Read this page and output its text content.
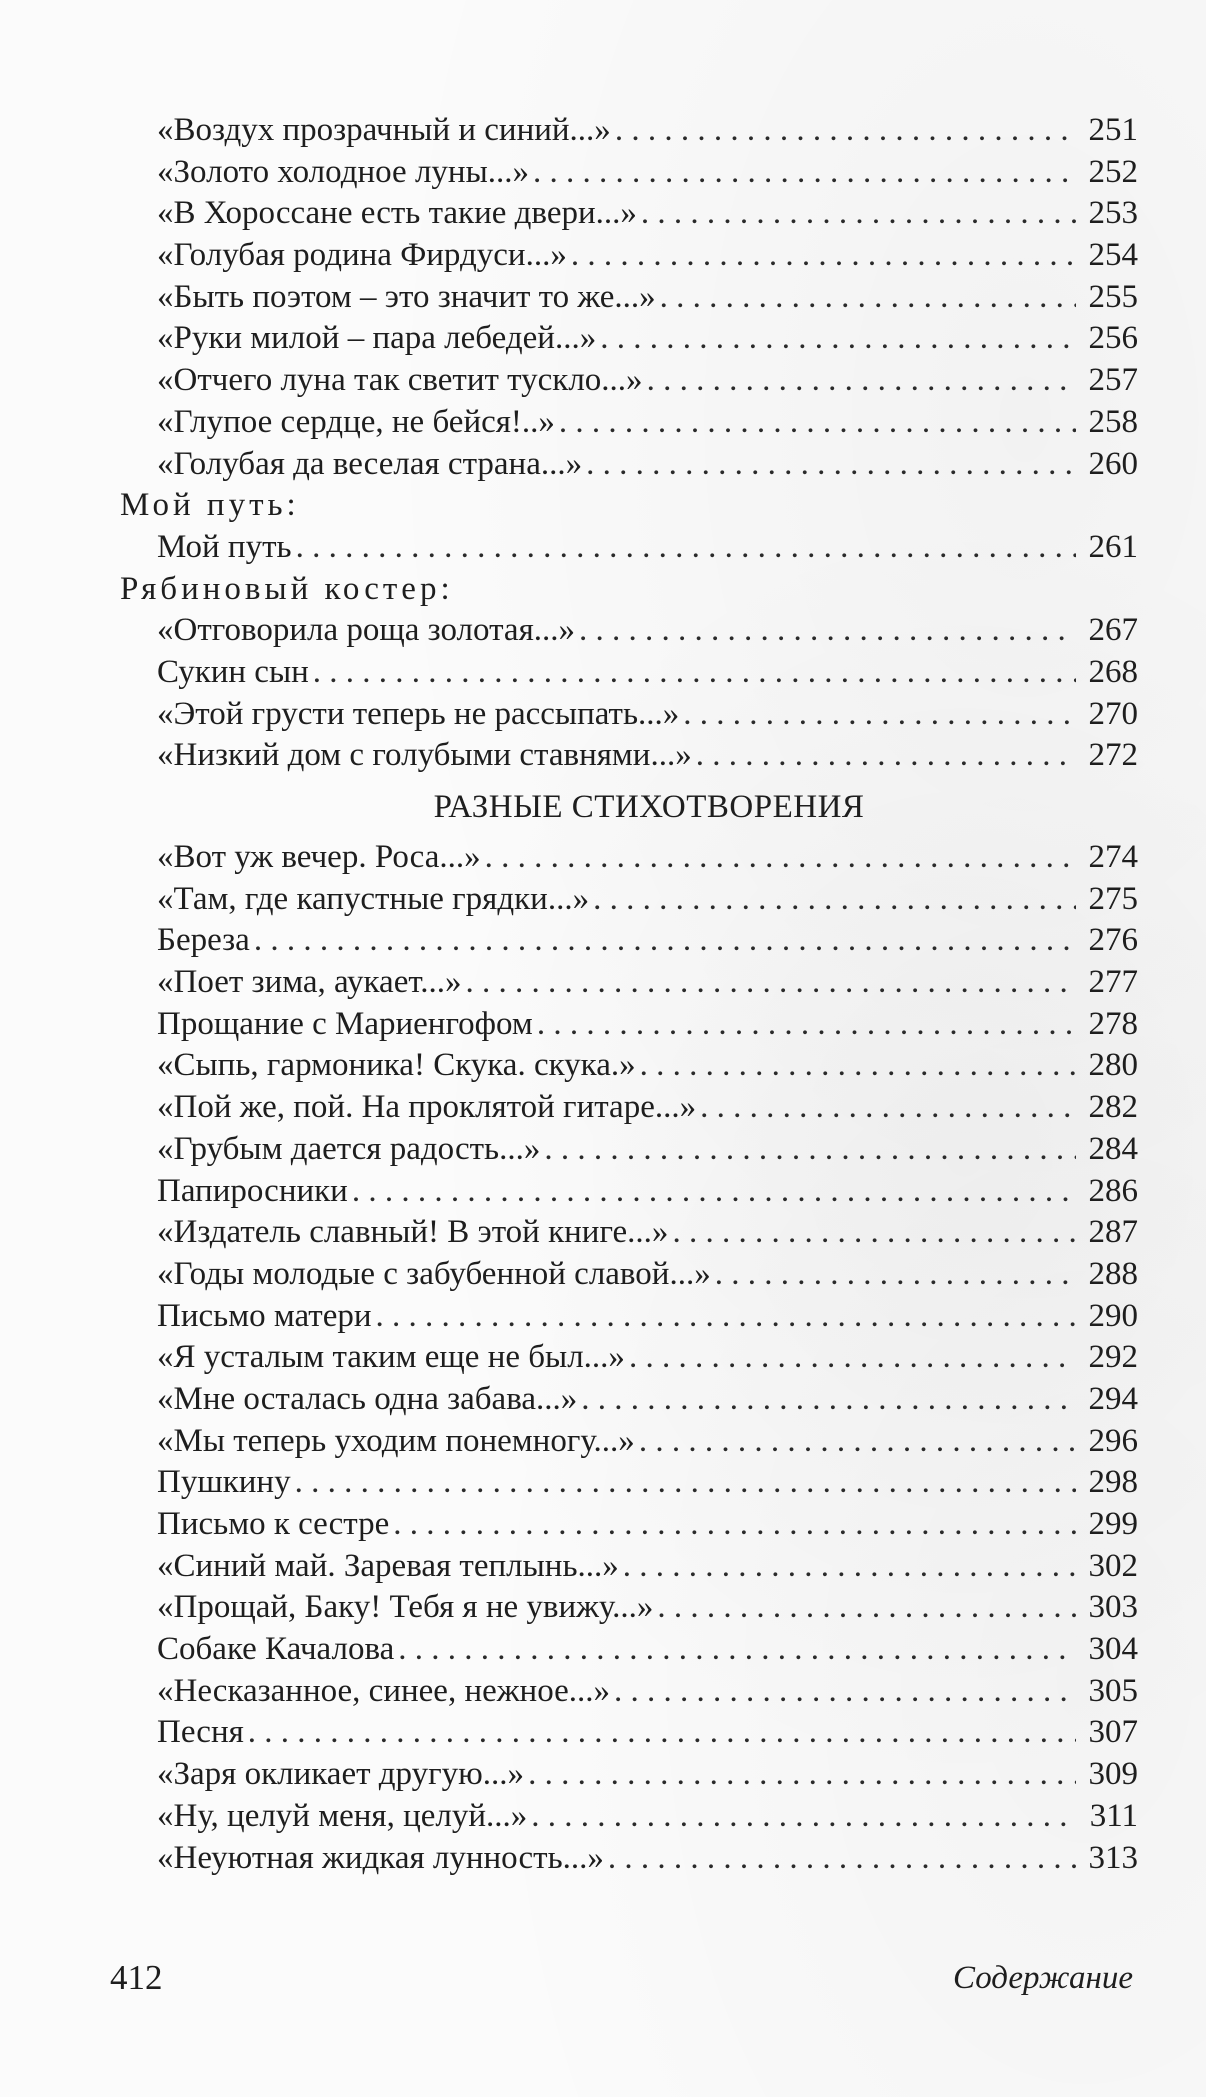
«Воздух прозрачный и синий...» . . .	251
«Золото холодное луны...» . . .	252
«В Хороссане есть такие двери...» . . .	253
«Голубая родина Фирдуси...» . . .	254
«Быть поэтом – это значит то же...» . . .	255
«Руки милой – пара лебедей...» . . .	256
«Отчего луна так светит тускло...» . . .	257
«Глупое сердце, не бейся!..» . . .	258
«Голубая да веселая страна...» . . .	260
Мой путь:
Мой путь . . .	261
Рябиновый костер:
«Отговорила роща золотая...» . . .	267
Сукин сын . . .	268
«Этой грусти теперь не рассыпать...» . . .	270
«Низкий дом с голубыми ставнями...» . . .	272
РАЗНЫЕ СТИХОТВОРЕНИЯ
«Вот уж вечер. Роса...» . . .	274
«Там, где капустные грядки...» . . .	275
Береза . . .	276
«Поет зима, аукает...» . . .	277
Прощание с Мариенгофом . . .	278
«Сыпь, гармоника! Скука. скука.» . . .	280
«Пой же, пой. На проклятой гитаре...» . . .	282
«Грубым дается радость...» . . .	284
Папиросники . . .	286
«Издатель славный! В этой книге...» . . .	287
«Годы молодые с забубенной славой...» . . .	288
Письмо матери . . .	290
«Я усталым таким еще не был...» . . .	292
«Мне осталась одна забава...» . . .	294
«Мы теперь уходим понемногу...» . . .	296
Пушкину . . .	298
Письмо к сестре . . .	299
«Синий май. Заревая теплынь...» . . .	302
«Прощай, Баку! Тебя я не увижу...» . . .	303
Собаке Качалова . . .	304
«Несказанное, синее, нежное...» . . .	305
Песня . . .	307
«Заря окликает другую...» . . .	309
«Ну, целуй меня, целуй...» . . .	311
«Неуютная жидкая лунность...» . . .	313
412	Содержание
